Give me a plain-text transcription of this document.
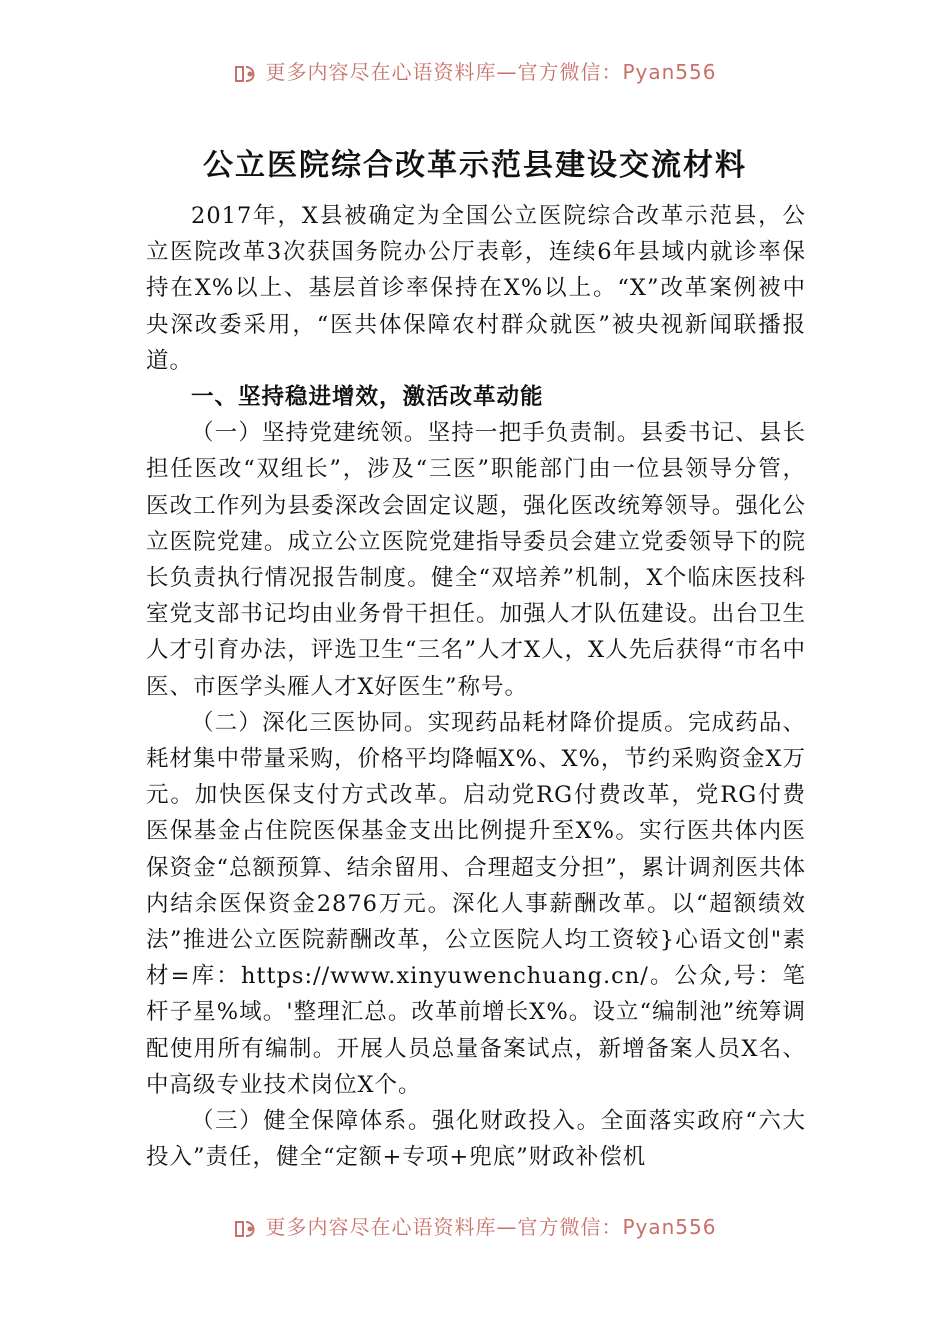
更多内容尽在心语资料库—官方微信：Pyan556
公立医院综合改革示范县建设交流材料

2017年，X县被确定为全国公立医院综合改革示范县，公立医院改革3次获国务院办公厅表彰，连续6年县域内就诊率保持在X%以上、基层首诊率保持在X%以上。“X”改革案例被中央深改委采用，“医共体保障农村群众就医”被央视新闻联播报道。

一、坚持稳进增效，激活改革动能

（一）坚持党建统领。坚持一把手负责制。县委书记、县长担任医改“双组长”，涉及“三医”职能部门由一位县领导分管，医改工作列为县委深改会固定议题，强化医改统筹领导。强化公立医院党建。成立公立医院党建指导委员会建立党委领导下的院长负责执行情况报告制度。健全“双培养”机制，X个临床医技科室党支部书记均由业务骨干担任。加强人才队伍建设。出台卫生人才引育办法，评选卫生“三名”人才X人，X人先后获得“市名中医、市医学头雁人才X好医生”称号。

（二）深化三医协同。实现药品耗材降价提质。完成药品、耗材集中带量采购，价格平均降幅X%、X%，节约采购资金X万元。加快医保支付方式改革。启动党RG付费改革，党RG付费医保基金占住院医保基金支出比例提升至X%。实行医共体内医保资金“总额预算、结余留用、合理超支分担”，累计调剂医共体内结余医保资金2876万元。深化人事薪酬改革。以“超额绩效法”推进公立医院薪酬改革，公立医院人均工资较}心语文创"素材=库：https://www.xinyuwenchuang.cn/。公众,号：笔杆子星%域。'整理汇总。改革前增长X%。设立“编制池”统筹调配使用所有编制。开展人员总量备案试点，新增备案人员X名、中高级专业技术岗位X个。

（三）健全保障体系。强化财政投入。全面落实政府“六大投入”责任，健全“定额+专项+兜底”财政补偿机

更多内容尽在心语资料库—官方微信：Pyan556
